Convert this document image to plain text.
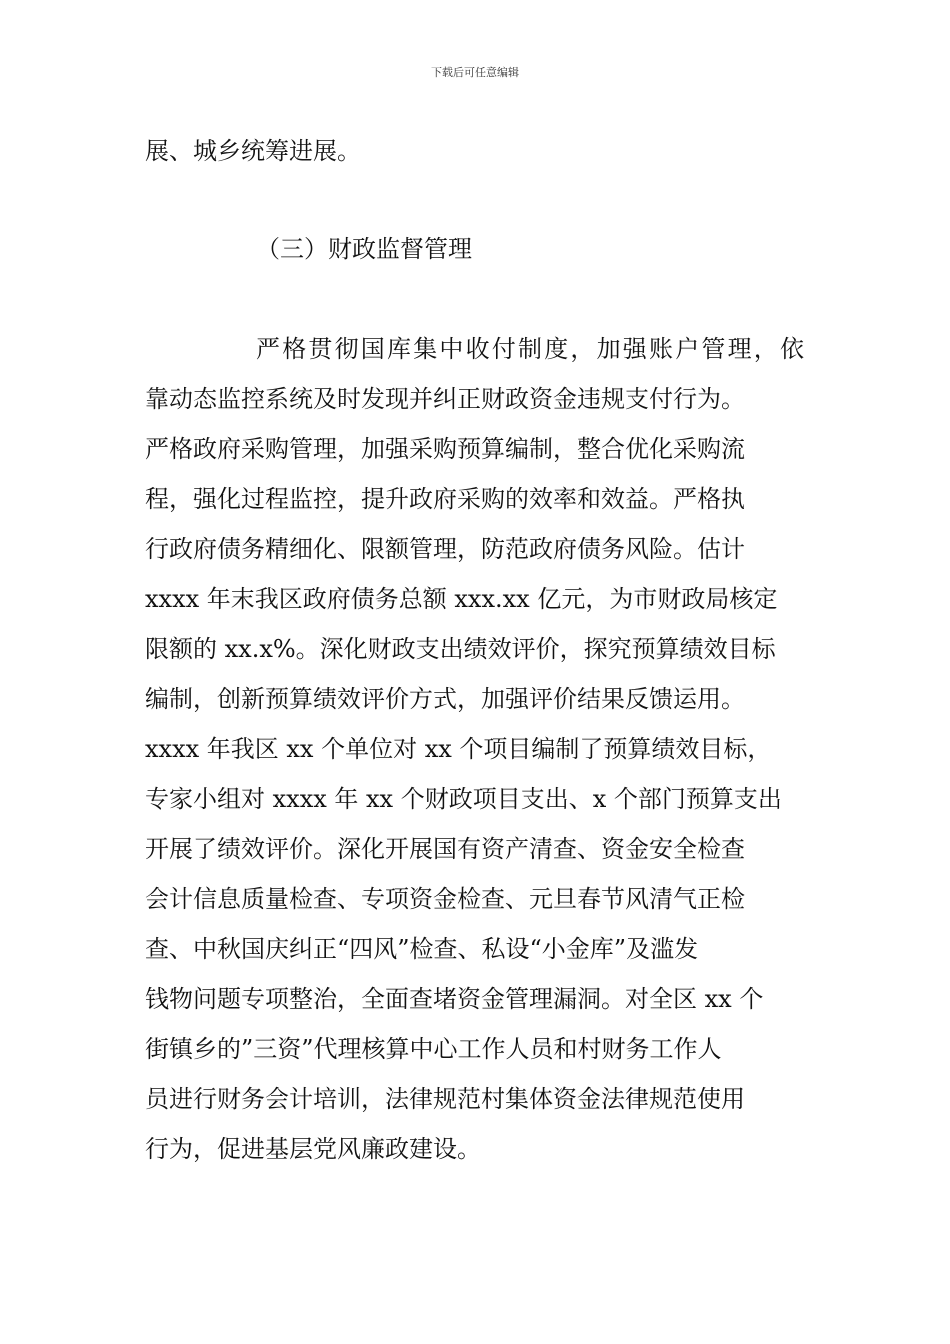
下载后可任意编辑
展、城乡统筹进展。
（三）财政监督管理
严格贯彻国库集中收付制度，加强账户管理，依
靠动态监控系统及时发现并纠正财政资金违规支付行为。
严格政府采购管理，加强采购预算编制，整合优化采购流
程，强化过程监控，提升政府采购的效率和效益。严格执
行政府债务精细化、限额管理，防范政府债务风险。估计
xxxx 年末我区政府债务总额 xxx.xx 亿元，为市财政局核定
限额的 xx.x%。深化财政支出绩效评价，探究预算绩效目标
编制，创新预算绩效评价方式，加强评价结果反馈运用。
xxxx 年我区 xx 个单位对 xx 个项目编制了预算绩效目标，
专家小组对 xxxx 年 xx 个财政项目支出、x 个部门预算支出
开展了绩效评价。深化开展国有资产清查、资金安全检查
会计信息质量检查、专项资金检查、元旦春节风清气正检
查、中秋国庆纠正“四风”检查、私设“小金库”及滥发
钱物问题专项整治，全面查堵资金管理漏洞。对全区 xx 个
街镇乡的”三资”代理核算中心工作人员和村财务工作人
员进行财务会计培训，法律规范村集体资金法律规范使用
行为，促进基层党风廉政建设。
